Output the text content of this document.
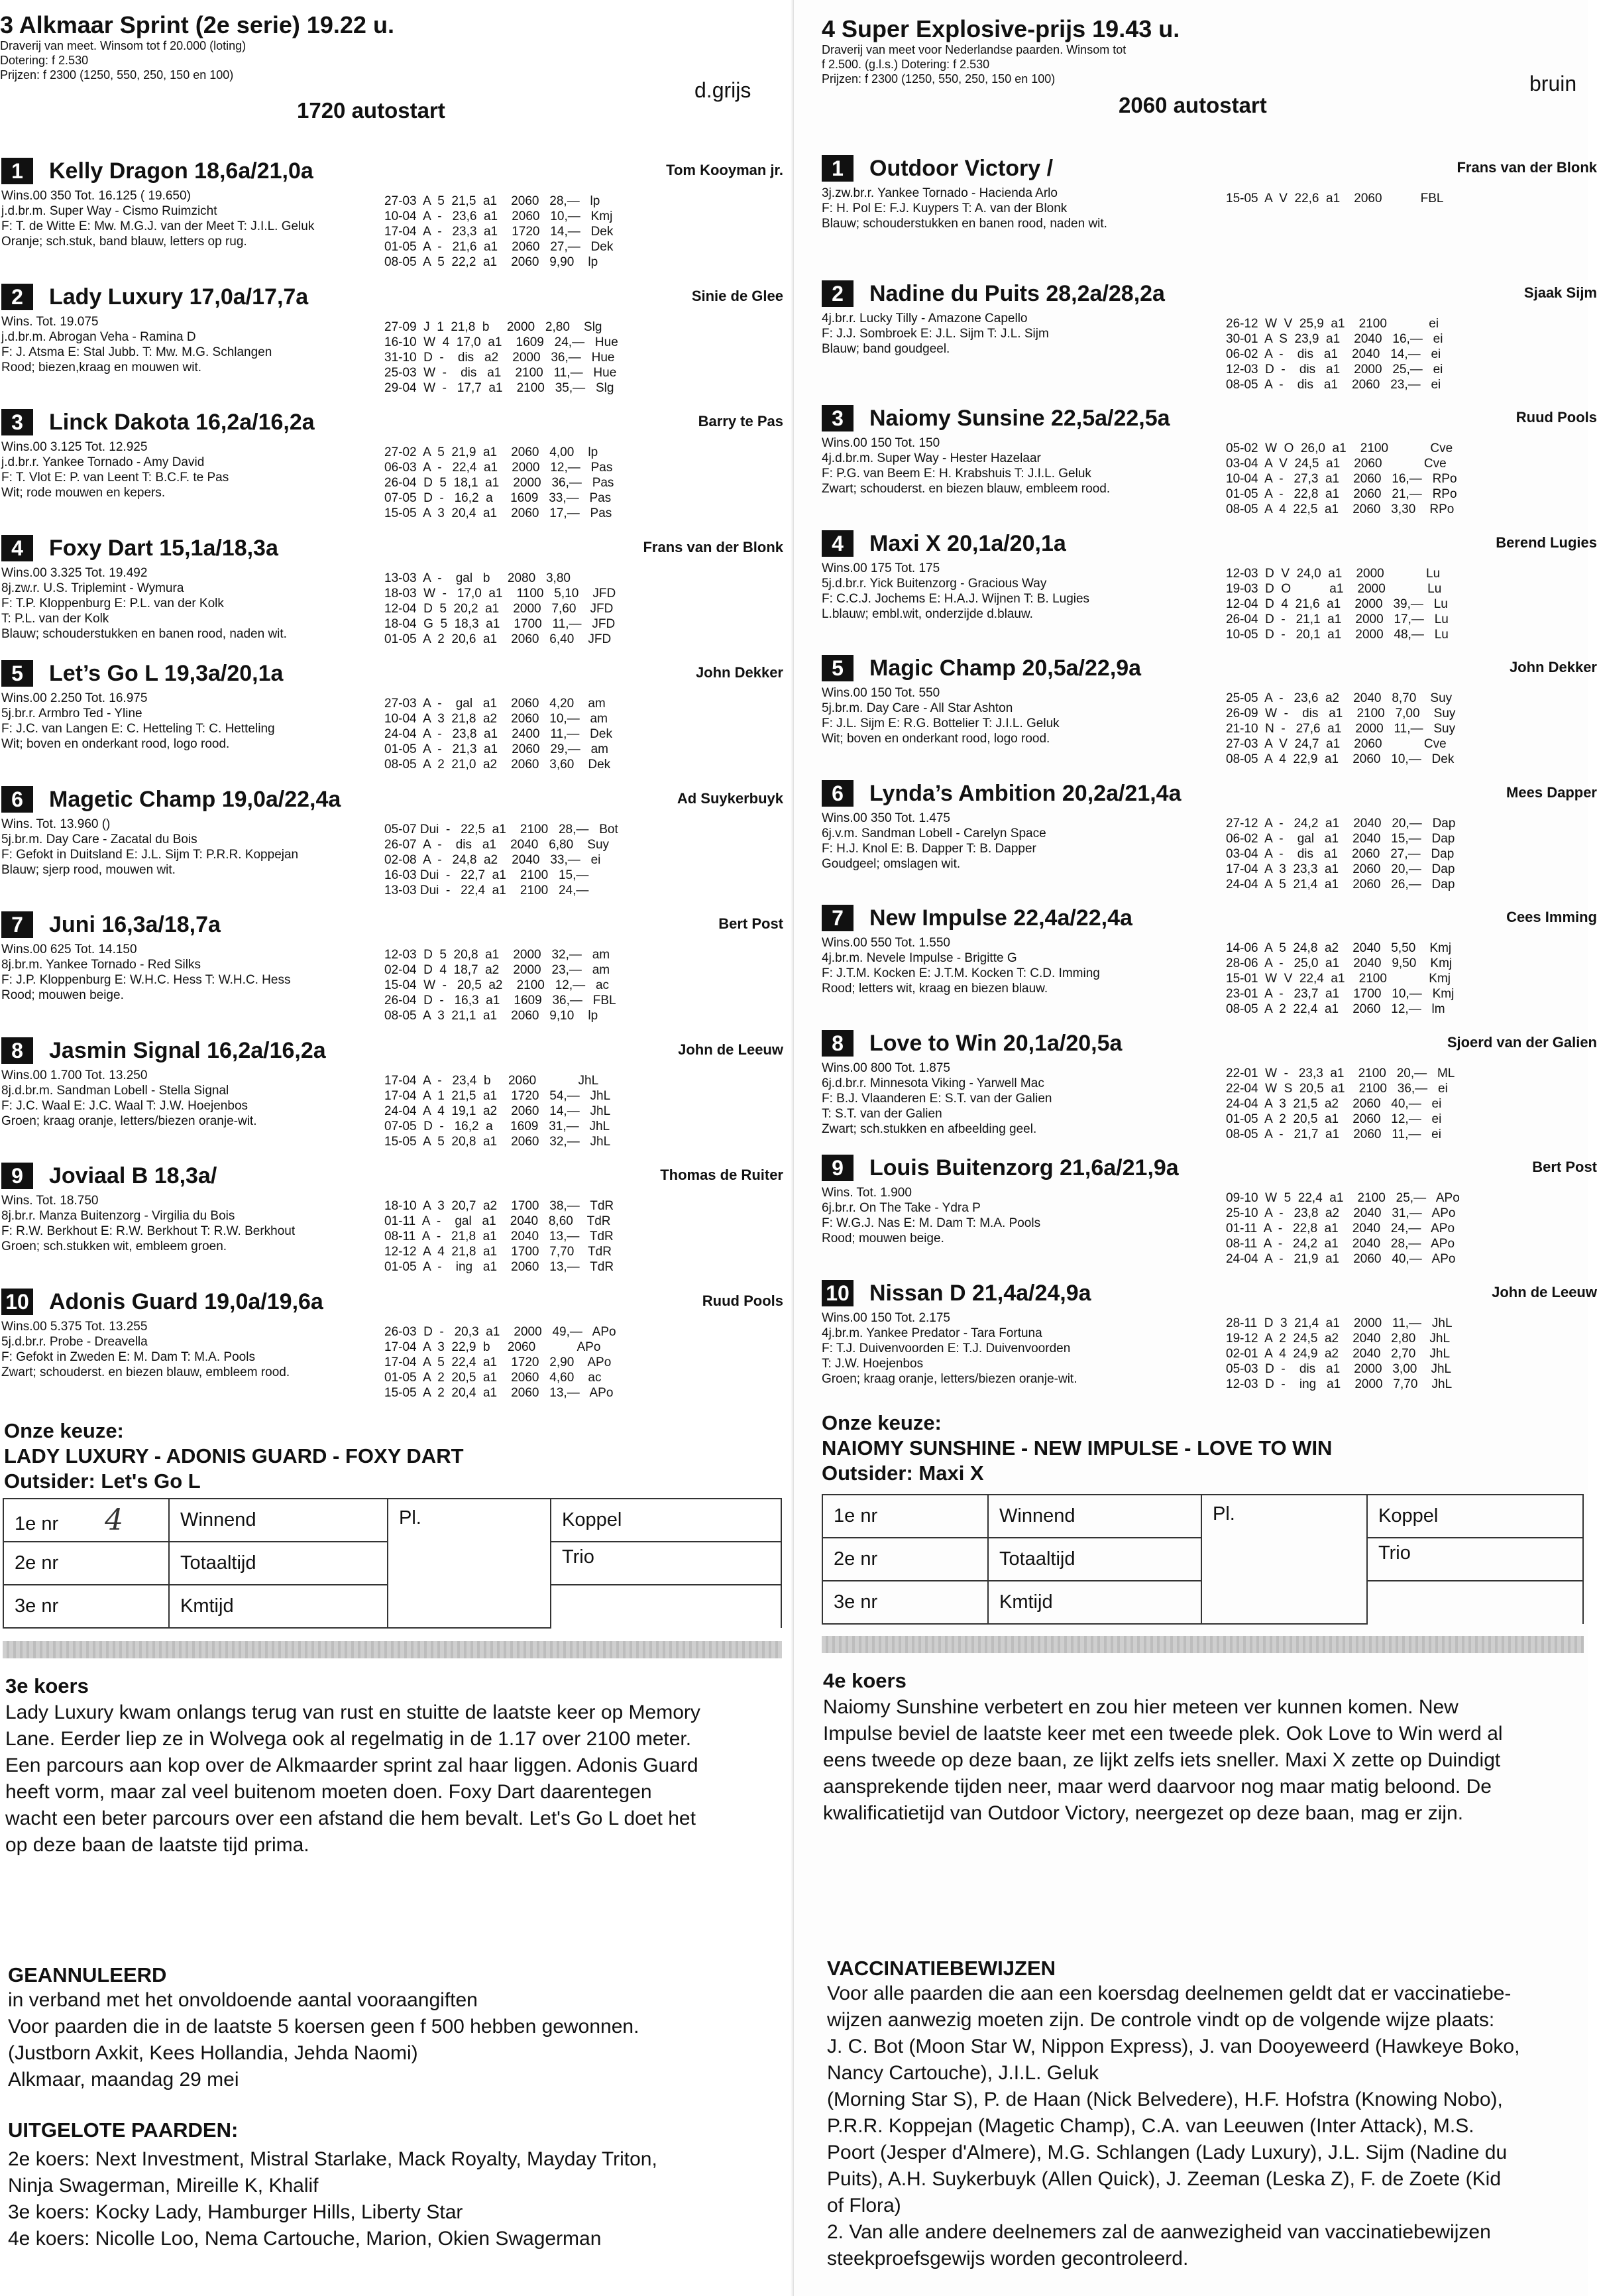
3 Alkmaar Sprint (2e serie) 19.22 u.
Draverij van meet. Winsom tot f 20.000 (loting)
Dotering: f 2.530
Prijzen: f 2300 (1250, 550, 250, 150 en 100)
d.grijs
1720 autostart
1	Kelly Dragon 18,6a/21,0a	Tom Kooyman jr.
Wins.00 350 Tot. 16.125 ( 19.650)
j.d.br.m. Super Way - Cismo Ruimzicht
F: T. de Witte E: Mw. M.G.J. van der Meet T: J.I.L. Geluk
Oranje; sch.stuk, band blauw, letters op rug.
27-03  A  5  21,5  a1    2060   28,—   lp
10-04  A  -   23,6  a1    2060   10,—   Kmj
17-04  A  -   23,3  a1    1720   14,—   Dek
01-05  A  -   21,6  a1    2060   27,—   Dek
08-05  A  5  22,2  a1    2060   9,90    lp
2	Lady Luxury 17,0a/17,7a	Sinie de Glee
Wins. Tot. 19.075
j.d.br.m. Abrogan Veha - Ramina D
F: J. Atsma E: Stal Jubb. T: Mw. M.G. Schlangen
Rood; biezen,kraag en mouwen wit.
27-09  J  1  21,8  b     2000   2,80    Slg
16-10  W  4  17,0  a1    1609   24,—   Hue
31-10  D  -    dis   a2    2000   36,—   Hue
25-03  W  -    dis   a1    2100   11,—   Hue
29-04  W  -   17,7  a1    2100   35,—   Slg
3	Linck Dakota 16,2a/16,2a	Barry te Pas
Wins.00 3.125 Tot. 12.925
j.d.br.r. Yankee Tornado - Amy David
F: T. Vlot E: P. van Leent T: B.C.F. te Pas
Wit; rode mouwen en kepers.
27-02  A  5  21,9  a1    2060   4,00    lp
06-03  A  -   22,4  a1    2000   12,—   Pas
26-04  D  5  18,1  a1    2000   36,—   Pas
07-05  D  -   16,2  a     1609   33,—   Pas
15-05  A  3  20,4  a1    2060   17,—   Pas
4	Foxy Dart 15,1a/18,3a	Frans van der Blonk
Wins.00 3.325 Tot. 19.492
8j.zw.r. U.S. Triplemint - Wymura
F: T.P. Kloppenburg E: P.L. van der Kolk
T: P.L. van der Kolk
Blauw; schouderstukken en banen rood, naden wit.
13-03  A  -    gal   b     2080   3,80
18-03  W  -   17,0  a1    1100   5,10    JFD
12-04  D  5  20,2  a1    2000   7,60    JFD
18-04  G  5  18,3  a1    1700   11,—   JFD
01-05  A  2  20,6  a1    2060   6,40    JFD
5	Let’s Go L 19,3a/20,1a	John Dekker
Wins.00 2.250 Tot. 16.975
5j.br.r. Armbro Ted - Yline
F: J.C. van Langen E: C. Hetteling T: C. Hetteling
Wit; boven en onderkant rood, logo rood.
27-03  A  -    gal   a1    2060   4,20    am
10-04  A  3  21,8  a2    2060   10,—   am
24-04  A  -   23,8  a1    2400   11,—   Dek
01-05  A  -   21,3  a1    2060   29,—   am
08-05  A  2  21,0  a2    2060   3,60    Dek
6	Magetic Champ 19,0a/22,4a	Ad Suykerbuyk
Wins. Tot. 13.960 ()
5j.br.m. Day Care - Zacatal du Bois
F: Gefokt in Duitsland E: J.L. Sijm T: P.R.R. Koppejan
Blauw; sjerp rood, mouwen wit.
05-07 Dui  -   22,5  a1    2100   28,—   Bot
26-07  A  -    dis   a1    2040   6,80    Suy
02-08  A  -   24,8  a2    2040   33,—   ei
16-03 Dui  -   22,7  a1    2100   15,—
13-03 Dui  -   22,4  a1    2100   24,—
7	Juni 16,3a/18,7a	Bert Post
Wins.00 625 Tot. 14.150
8j.br.m. Yankee Tornado - Red Silks
F: J.P. Kloppenburg E: W.H.C. Hess T: W.H.C. Hess
Rood; mouwen beige.
12-03  D  5  20,8  a1    2000   32,—   am
02-04  D  4  18,7  a2    2000   23,—   am
15-04  W  -   20,5  a2    2100   12,—   ac
26-04  D  -   16,3  a1    1609   36,—   FBL
08-05  A  3  21,1  a1    2060   9,10    lp
8	Jasmin Signal 16,2a/16,2a	John de Leeuw
Wins.00 1.700 Tot. 13.250
8j.d.br.m. Sandman Lobell - Stella Signal
F: J.C. Waal E: J.C. Waal T: J.W. Hoejenbos
Groen; kraag oranje, letters/biezen oranje-wit.
17-04  A  -   23,4  b     2060            JhL
17-04  A  1  21,5  a1    1720   54,—   JhL
24-04  A  4  19,1  a2    2060   14,—   JhL
07-05  D  -   16,2  a     1609   31,—   JhL
15-05  A  5  20,8  a1    2060   32,—   JhL
9	Joviaal B 18,3a/	Thomas de Ruiter
Wins. Tot. 18.750
8j.br.r. Manza Buitenzorg - Virgilia du Bois
F: R.W. Berkhout E: R.W. Berkhout T: R.W. Berkhout
Groen; sch.stukken wit, embleem groen.
18-10  A  3  20,7  a2    1700   38,—   TdR
01-11  A  -    gal   a1    2040   8,60    TdR
08-11  A  -   21,8  a1    2040   13,—   TdR
12-12  A  4  21,8  a1    1700   7,70    TdR
01-05  A  -    ing   a1    2060   13,—   TdR
10 Adonis Guard 19,0a/19,6a	Ruud Pools
Wins.00 5.375 Tot. 13.255
5j.d.br.r. Probe - Dreavella
F: Gefokt in Zweden E: M. Dam T: M.A. Pools
Zwart; schouderst. en biezen blauw, embleem rood.
26-03  D  -   20,3  a1    2000   49,—   APo
17-04  A  3  22,9  b     2060            APo
17-04  A  5  22,4  a1    1720   2,90    APo
01-05  A  2  20,5  a1    2060   4,60    ac
15-05  A  2  20,4  a1    2060   13,—   APo
Onze keuze:
LADY LUXURY - ADONIS GUARD - FOXY DART
Outsider: Let's Go L
1e nr 4	Winnend	Pl.	Koppel
2e nr	Totaaltijd		Trio
3e nr	Kmtijd		
3e koers
Lady Luxury kwam onlangs terug van rust en stuitte de laatste keer op Memory
Lane. Eerder liep ze in Wolvega ook al regelmatig in de 1.17 over 2100 meter.
Een parcours aan kop over de Alkmaarder sprint zal haar liggen. Adonis Guard
heeft vorm, maar zal veel buitenom moeten doen. Foxy Dart daarentegen
wacht een beter parcours over een afstand die hem bevalt. Let's Go L doet het
op deze baan de laatste tijd prima.
GEANNULEERD
in verband met het onvoldoende aantal vooraangiften
Voor paarden die in de laatste 5 koersen geen f 500 hebben gewonnen.
(Justborn Axkit, Kees Hollandia, Jehda Naomi)
Alkmaar, maandag 29 mei
UITGELOTE PAARDEN:
2e koers: Next Investment, Mistral Starlake, Mack Royalty, Mayday Triton,
Ninja Swagerman, Mireille K, Khalif
3e koers: Kocky Lady, Hamburger Hills, Liberty Star
4e koers: Nicolle Loo, Nema Cartouche, Marion, Okien Swagerman
4 Super Explosive-prijs 19.43 u.
Draverij van meet voor Nederlandse paarden. Winsom tot
f 2.500. (g.l.s.) Dotering: f 2.530
Prijzen: f 2300 (1250, 550, 250, 150 en 100)	bruin
2060 autostart
1	Outdoor Victory /	Frans van der Blonk
3j.zw.br.r. Yankee Tornado - Hacienda Arlo
F: H. Pol E: F.J. Kuypers T: A. van der Blonk
Blauw; schouderstukken en banen rood, naden wit.
15-05  A  V  22,6  a1    2060           FBL
2	Nadine du Puits 28,2a/28,2a	Sjaak Sijm
4j.br.r. Lucky Tilly - Amazone Capello
F: J.J. Sombroek E: J.L. Sijm T: J.L. Sijm
Blauw; band goudgeel.
26-12  W  V  25,9  a1    2100            ei
30-01  A  S  23,9  a1    2040   16,—   ei
06-02  A  -    dis   a1    2040   14,—   ei
12-03  D  -    dis   a1    2000   25,—   ei
08-05  A  -    dis   a1    2060   23,—   ei
3	Naiomy Sunsine 22,5a/22,5a	Ruud Pools
Wins.00 150 Tot. 150
4j.d.br.m. Super Way - Hester Hazelaar
F: P.G. van Beem E: H. Krabshuis T: J.I.L. Geluk
Zwart; schouderst. en biezen blauw, embleem rood.
05-02  W  O  26,0  a1    2100            Cve
03-04  A  V  24,5  a1    2060            Cve
10-04  A  -   27,3  a1    2060   16,—   RPo
01-05  A  -   22,8  a1    2060   21,—   RPo
08-05  A  4  22,5  a1    2060   3,30    RPo
4	Maxi X 20,1a/20,1a	Berend Lugies
Wins.00 175 Tot. 175
5j.d.br.r. Yick Buitenzorg - Gracious Way
F: C.C.J. Jochems E: H.A.J. Wijnen T: B. Lugies
L.blauw; embl.wit, onderzijde d.blauw.
12-03  D  V  24,0  a1    2000            Lu
19-03  D  O           a1    2000            Lu
12-04  D  4  21,6  a1    2000   39,—   Lu
26-04  D  -   21,1  a1    2000   17,—   Lu
10-05  D  -   20,1  a1    2000   48,—   Lu
5	Magic Champ 20,5a/22,9a	John Dekker
Wins.00 150 Tot. 550
5j.br.m. Day Care - All Star Ashton
F: J.L. Sijm E: R.G. Bottelier T: J.I.L. Geluk
Wit; boven en onderkant rood, logo rood.
25-05  A  -   23,6  a2    2040   8,70    Suy
26-09  W  -    dis   a1    2100   7,00    Suy
21-10  N  -   27,6  a1    2000   11,—   Suy
27-03  A  V  24,7  a1    2060            Cve
08-05  A  4  22,9  a1    2060   10,—   Dek
6	Lynda’s Ambition 20,2a/21,4a	Mees Dapper
Wins.00 350 Tot. 1.475
6j.v.m. Sandman Lobell - Carelyn Space
F: H.J. Knol E: B. Dapper T: B. Dapper
Goudgeel; omslagen wit.
27-12  A  -   24,2  a1    2040   20,—   Dap
06-02  A  -    gal   a1    2040   15,—   Dap
03-04  A  -    dis   a1    2060   27,—   Dap
17-04  A  3  23,3  a1    2060   20,—   Dap
24-04  A  5  21,4  a1    2060   26,—   Dap
7	New Impulse 22,4a/22,4a	Cees Imming
Wins.00 550 Tot. 1.550
4j.br.m. Nevele Impulse - Brigitte G
F: J.T.M. Kocken E: J.T.M. Kocken T: C.D. Imming
Rood; letters wit, kraag en biezen blauw.
14-06  A  5  24,8  a2    2040   5,50    Kmj
28-06  A  -   25,0  a1    2040   9,50    Kmj
15-01  W  V  22,4  a1    2100            Kmj
23-01  A  -   23,7  a1    1700   10,—   Kmj
08-05  A  2  22,4  a1    2060   12,—   lm
8	Love to Win 20,1a/20,5a	Sjoerd van der Galien
Wins.00 800 Tot. 1.875
6j.d.br.r. Minnesota Viking - Yarwell Mac
F: B.J. Vlaanderen E: S.T. van der Galien
T: S.T. van der Galien
Zwart; sch.stukken en afbeelding geel.
22-01  W  -   23,3  a1    2100   20,—   ML
22-04  W  S  20,5  a1    2100   36,—   ei
24-04  A  3  21,5  a2    2060   40,—   ei
01-05  A  2  20,5  a1    2060   12,—   ei
08-05  A  -   21,7  a1    2060   11,—   ei
9	Louis Buitenzorg 21,6a/21,9a	Bert Post
Wins. Tot. 1.900
6j.br.r. On The Take - Ydra P
F: W.G.J. Nas E: M. Dam T: M.A. Pools
Rood; mouwen beige.
09-10  W  5  22,4  a1    2100   25,—   APo
25-10  A  -   23,8  a2    2040   31,—   APo
01-11  A  -   22,8  a1    2040   24,—   APo
08-11  A  -   24,2  a1    2040   28,—   APo
24-04  A  -   21,9  a1    2060   40,—   APo
10 Nissan D 21,4a/24,9a	John de Leeuw
Wins.00 150 Tot. 2.175
4j.br.m. Yankee Predator - Tara Fortuna
F: T.J. Duivenvoorden E: T.J. Duivenvoorden
T: J.W. Hoejenbos
Groen; kraag oranje, letters/biezen oranje-wit.
28-11  D  3  21,4  a1    2000   11,—   JhL
19-12  A  2  24,5  a2    2040   2,80    JhL
02-01  A  4  24,9  a2    2040   2,70    JhL
05-03  D  -    dis   a1    2000   3,00    JhL
12-03  D  -    ing   a1    2000   7,70    JhL
Onze keuze:
NAIOMY SUNSHINE - NEW IMPULSE - LOVE TO WIN
Outsider: Maxi X
1e nr	Winnend	Pl.	Koppel
2e nr	Totaaltijd		Trio
3e nr	Kmtijd		
4e koers
Naiomy Sunshine verbetert en zou hier meteen ver kunnen komen. New
Impulse beviel de laatste keer met een tweede plek. Ook Love to Win werd al
eens tweede op deze baan, ze lijkt zelfs iets sneller. Maxi X zette op Duindigt
aansprekende tijden neer, maar werd daarvoor nog maar matig beloond. De
kwalificatietijd van Outdoor Victory, neergezet op deze baan, mag er zijn.
VACCINATIEBEWIJZEN
Voor alle paarden die aan een koersdag deelnemen geldt dat er vaccinatiebe-
wijzen aanwezig moeten zijn. De controle vindt op de volgende wijze plaats:
J. C. Bot (Moon Star W, Nippon Express), J. van Dooyeweerd (Hawkeye Boko,
Nancy Cartouche), J.I.L. Geluk
(Morning Star S), P. de Haan (Nick Belvedere), H.F. Hofstra (Knowing Nobo),
P.R.R. Koppejan (Magetic Champ), C.A. van Leeuwen (Inter Attack), M.S.
Poort (Jesper d'Almere), M.G. Schlangen (Lady Luxury), J.L. Sijm (Nadine du
Puits), A.H. Suykerbuyk (Allen Quick), J. Zeeman (Leska Z), F. de Zoete (Kid
of Flora)
2. Van alle andere deelnemers zal de aanwezigheid van vaccinatiebewijzen
steekproefsgewijs worden gecontroleerd.
